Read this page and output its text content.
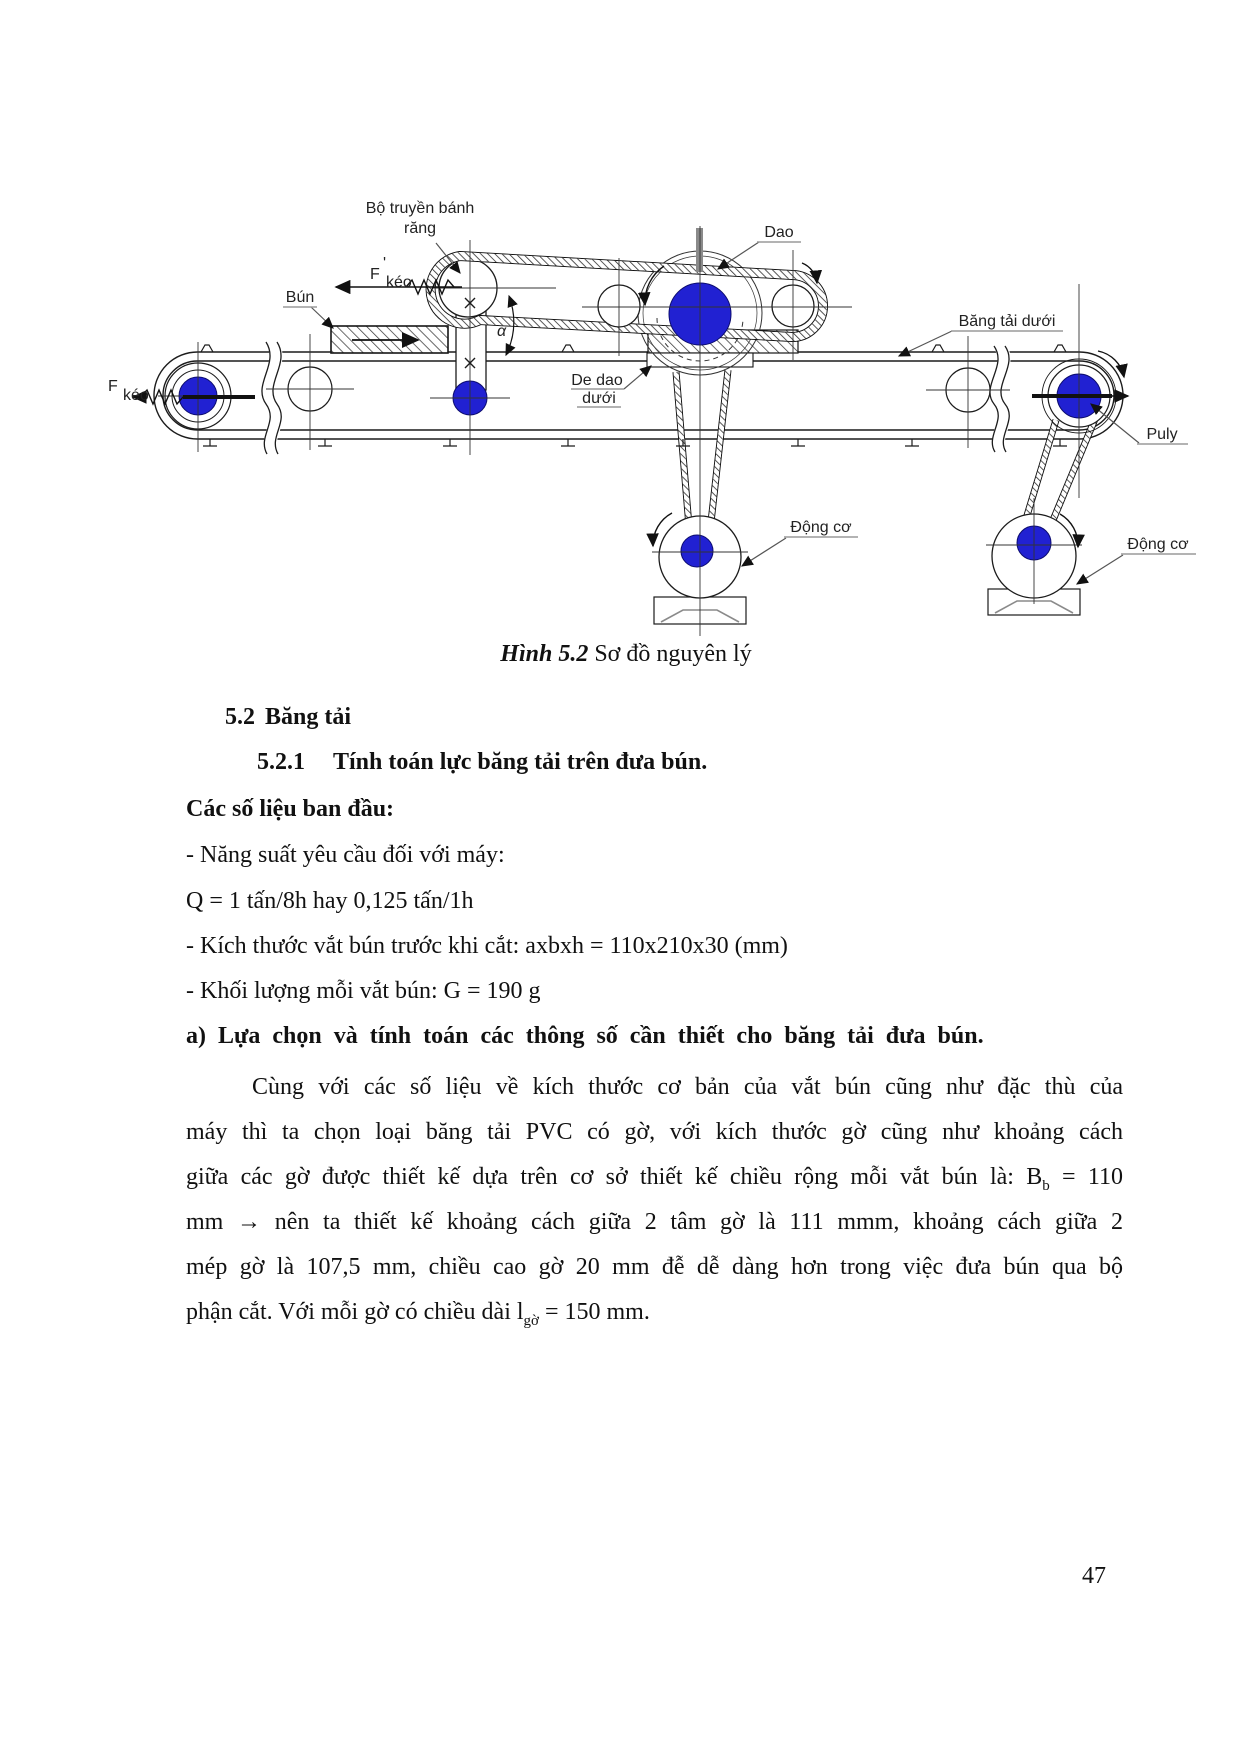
Bộ truyền bánh
răng
Bún
Dao
Băng tải dưới
De dao
dưới
Puly
Động cơ
Động cơ
α
F
kéo
F
'
kéo
Hình 5.2 Sơ đồ nguyên lý
5.2 Băng tải
5.2.1 Tính toán lực băng tải trên đưa bún.
Các số liệu ban đầu:
- Năng suất yêu cầu đối với máy:
Q = 1 tấn/8h hay 0,125 tấn/1h
- Kích thước vắt bún trước khi cắt: axbxh = 110x210x30 (mm)
- Khối lượng mỗi vắt bún: G = 190 g
a) Lựa chọn và tính toán các thông số cần thiết cho băng tải đưa bún.
Cùng với các số liệu về kích thước cơ bản của vắt bún cũng như đặc thù của
máy thì ta chọn loại băng tải PVC có gờ, với kích thước gờ cũng như khoảng cách
giữa các gờ được thiết kế dựa trên cơ sở thiết kế chiều rộng mỗi vắt bún là: $B_b = 110$
mm → nên ta thiết kế khoảng cách giữa 2 tâm gờ là 111 mmm, khoảng cách giữa 2
mép gờ là 107,5 mm, chiều cao gờ 20 mm đễ dễ dàng hơn trong việc đưa bún qua bộ
phận cắt. Với mỗi gờ có chiều dài $l_{gờ} = 150$ mm.
47
